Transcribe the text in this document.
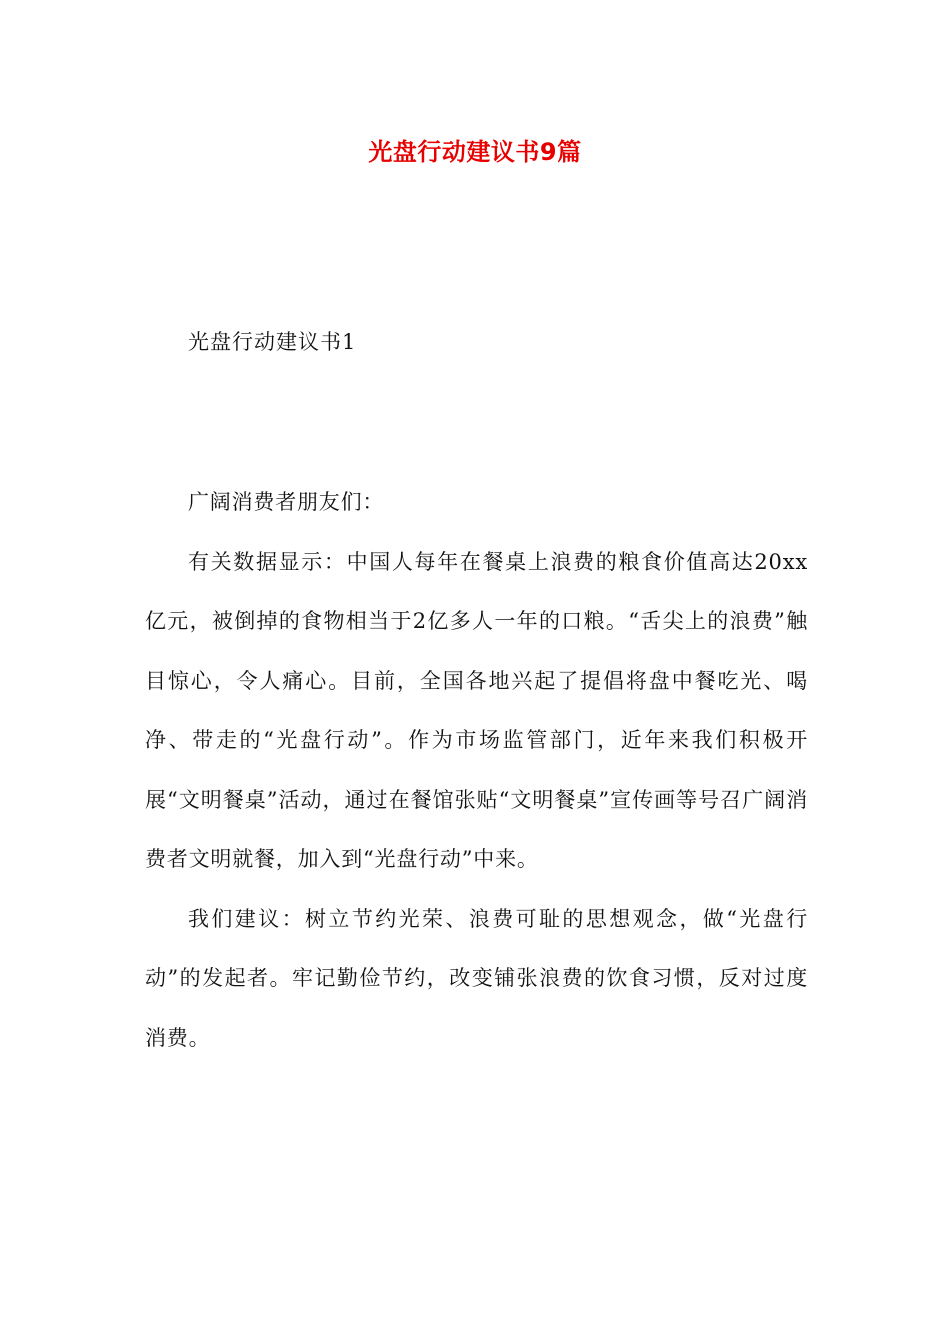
光盘行动建议书9篇
光盘行动建议书1

广阔消费者朋友们：

有关数据显示：中国人每年在餐桌上浪费的粮食价值高达20xx亿元，被倒掉的食物相当于2亿多人一年的口粮。“舌尖上的浪费”触目惊心，令人痛心。目前，全国各地兴起了提倡将盘中餐吃光、喝净、带走的“光盘行动”。作为市场监管部门，近年来我们积极开展“文明餐桌”活动，通过在餐馆张贴“文明餐桌”宣传画等号召广阔消费者文明就餐，加入到“光盘行动”中来。

我们建议：树立节约光荣、浪费可耻的思想观念，做“光盘行动”的发起者。牢记勤俭节约，改变铺张浪费的饮食习惯，反对过度消费。
